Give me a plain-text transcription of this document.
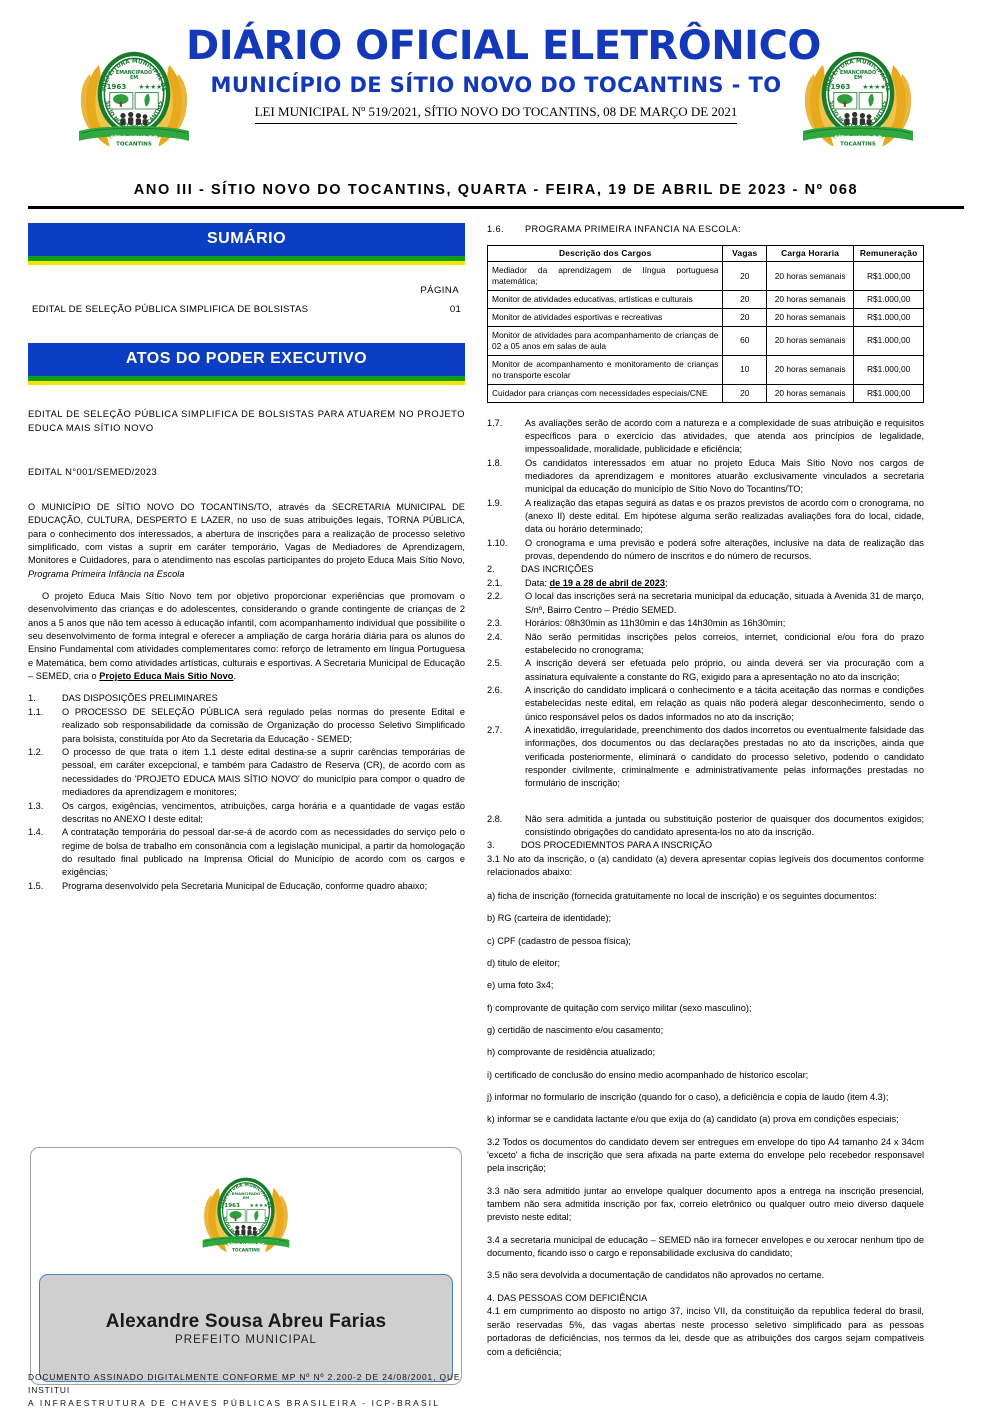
DIÁRIO OFICIAL ELETRÔNICO
MUNICÍPIO DE SÍTIO NOVO DO TOCANTINS - TO
LEI MUNICIPAL Nº 519/2021, SÍTIO NOVO DO TOCANTINS, 08 DE MARÇO DE 2021
ANO III - SÍTIO NOVO DO TOCANTINS, QUARTA - FEIRA, 19 DE ABRIL DE 2023 - Nº 068
SUMÁRIO
PÁGINA
EDITAL DE SELEÇÃO PÚBLICA SIMPLIFICA DE BOLSISTAS	01
ATOS DO PODER EXECUTIVO
EDITAL DE SELEÇÃO PÚBLICA SIMPLIFICA DE BOLSISTAS PARA ATUAREM NO PROJETO EDUCA MAIS SÍTIO NOVO
EDITAL N°001/SEMED/2023

O MUNICÍPIO DE SÍTIO NOVO DO TOCANTINS/TO, através da SECRETARIA MUNICIPAL DE EDUCAÇÃO, CULTURA, DESPERTO E LAZER, no uso de suas atribuições legais, TORNA PÚBLICA, para o conhecimento dos interessados, a abertura de inscrições para a realização de processo seletivo simplificado, com vistas a suprir em caráter temporário, Vagas de Mediadores de Aprendizagem, Monitores e Cuidadores, para o atendimento nas escolas participantes do projeto Educa Mais Sítio Novo, Programa Primeira Infância na Escola

O projeto Educa Mais Sítio Novo tem por objetivo proporcionar experiências que promovam o desenvolvimento das crianças e do adolescentes, considerando o grande contingente de crianças de 2 anos a 5 anos que não tem acesso à educação infantil, com acompanhamento individual que possibilite o seu desenvolvimento de forma integral e oferecer a ampliação de carga horária diária para os alunos do Ensino Fundamental com atividades complementares como: reforço de letramento em língua Portuguesa e Matemática, bem como atividades artísticas, culturais e esportivas. A Secretaria Municipal de Educação – SEMED, cria o Projeto Educa Mais Sítio Novo.

1.	DAS DISPOSIÇÕES PRELIMINARES
1.1.	O PROCESSO DE SELEÇÃO PÚBLICA será regulado pelas normas do presente Edital e realizado sob responsabilidade da comissão de Organização do processo Seletivo Simplificado para bolsista, constituída por Ato da Secretaria da Educação - SEMED;
1.2.	O processo de que trata o item 1.1 deste edital destina-se a suprir carências temporárias de pessoal, em caráter excepcional, e também para Cadastro de Reserva (CR), de acordo com as necessidades do 'PROJETO EDUCA MAIS SÍTIO NOVO' do município para compor o quadro de mediadores da aprendizagem e monitores;
1.3.	Os cargos, exigências, vencimentos, atribuições, carga horária e a quantidade de vagas estão descritas no ANEXO I deste edital;
1.4.	A contratação temporária do pessoal dar-se-á de acordo com as necessidades do serviço pelo o regime de bolsa de trabalho em consonância com a legislação municipal, a partir da homologação do resultado final publicado na Imprensa Oficial do Município de acordo com os cargos e exigências;
1.5.	Programa desenvolvido pela Secretaria Municipal de Educação, conforme quadro abaixo;
Alexandre Sousa Abreu Farias
PREFEITO MUNICIPAL
1.6.	PROGRAMA PRIMEIRA INFANCIA NA ESCOLA:
Descrição dos Cargos	Vagas	Carga Horaria	Remuneração
Mediador da aprendizagem de língua portuguesa matemática;	20	20 horas semanais	R$1.000,00
Monitor de atividades educativas, artísticas e culturais	20	20 horas semanais	R$1.000,00
Monitor de atividades esportivas e recreativas	20	20 horas semanais	R$1.000,00
Monitor de atividades para acompanhamento de crianças de 02 a 05 anos em salas de aula	60	20 horas semanais	R$1.000,00
Monitor de acompanhamento e monitoramento de crianças no transporte escolar	10	20 horas semanais	R$1.000,00
Cuidador para crianças com necessidades especiais/CNE	20	20 horas semanais	R$1.000,00
1.7.	As avaliações serão de acordo com a natureza e a complexidade de suas atribuição e requisitos específicos para o exercício das atividades, que atenda aos princípios de legalidade, impessoalidade, moralidade, publicidade e eficiência;
1.8.	Os candidatos interessados em atuar no projeto Educa Mais Sítio Novo nos cargos de mediadores da aprendizagem e monitores atuarão exclusivamente vinculados a secretaria municipal da educação do município de Sítio Novo do Tocantins/TO;
1.9.	A realização das etapas seguirá as datas e os prazos previstos de acordo com o cronograma, no (anexo II) deste edital. Em hipótese alguma serão realizadas avaliações fora do local, cidade, data ou horário determinado;
1.10.	O cronograma e uma previsão e poderá sofre alterações, inclusive na data de realização das provas, dependendo do número de inscritos e do número de recursos.
2.	DAS INCRIÇÕES
2.1.	Data: de 19 a 28 de abril de 2023;
2.2.	O local das inscrições será na secretaria municipal da educação, situada à Avenida 31 de março, S/nº, Bairro Centro – Prédio SEMED.
2.3.	Horários: 08h30min as 11h30min e das 14h30min as 16h30min;
2.4.	Não serão permitidas inscrições pelos correios, internet, condicional e/ou fora do prazo estabelecido no cronograma;
2.5.	A inscrição deverá ser efetuada pelo próprio, ou ainda deverá ser via procuração com a assinatura equivalente a constante do RG, exigido para a apresentação no ato da inscrição;
2.6.	A inscrição do candidato implicará o conhecimento e a tácita aceitação das normas e condições estabelecidas neste edital, em relação as quais não poderá alegar desconhecimento, sendo o único responsável pelos os dados informados no ato da inscrição;
2.7.	A inexatidão, irregularidade, preenchimento dos dados incorretos ou eventualmente falsidade das informações, dos documentos ou das declarações prestadas no ato da inscrições, ainda que verificada posteriormente, eliminará o candidato do processo seletivo, podendo o candidato responder civilmente, criminalmente e administrativamente pelas informações prestadas no formulário de inscrição;
2.8.	Não sera admitida a juntada ou substituição posterior de quaisquer dos documentos exigidos; consistindo obrigações do candidato apresenta-los no ato da inscrição.
3.	DOS PROCEDIEMNTOS PARA A INSCRIÇÃO

3.1 No ato da inscrição, o (a) candidato (a) devera apresentar copias legíveis dos documentos conforme relacionados abaixo:

a) ficha de inscrição (fornecida gratuitamente no local de inscrição) e os seguintes documentos:

b) RG (carteira de identidade);

c) CPF (cadastro de pessoa física);

d) titulo de eleitor;

e) uma foto 3x4;

f) comprovante de quitação com serviço militar (sexo masculino);

g) certidão de nascimento e/ou casamento;

h) comprovante de residência atualizado;

i) certificado de conclusão do ensino medio acompanhado de historico escolar;

j) informar no formulario de inscrição (quando for o caso), a deficiência e copia de laudo (item 4.3);

k) informar se e candidata lactante e/ou que exija do (a) candidato (a) prova em condições especiais;

3.2 Todos os documentos do candidato devem ser entregues em envelope do tipo A4 tamanho 24 x 34cm 'exceto' a ficha de inscrição que sera afixada na parte externa do envelope pelo recebedor responsavel pela inscrição;

3.3 não sera admitido juntar ao envelope qualquer documento apos a entrega na inscrição presencial, tambem não sera admitida inscrição por fax, correio eletrônico ou qualquer outro meio diverso daquele previsto neste edital;

3.4 a secretaria municipal de educação – SEMED não ira fornecer envelopes e ou xerocar nenhum tipo de documento, ficando isso o cargo e reponsabilidade exclusiva do candidato;

3.5 não sera devolvida a documentação de candidatos não aprovados no certame.

4. DAS PESSOAS COM DEFICIÊNCIA

4.1 em cumprimento ao disposto no artigo 37, inciso VII, da constituição da republica federal do brasil, serão reservadas 5%, das vagas abertas neste processo seletivo simplificado para as pessoas portadoras de deficiências, nos termos da lei, desde que as atribuições dos cargos sejam compatíveis com a deficiência;

DOCUMENTO ASSINADO DIGITALMENTE CONFORME MP Nº Nº 2.200-2 DE 24/08/2001, QUE INSTITUI
A INFRAESTRUTURA DE CHAVES PÚBLICAS BRASILEIRA - ICP-BRASIL
